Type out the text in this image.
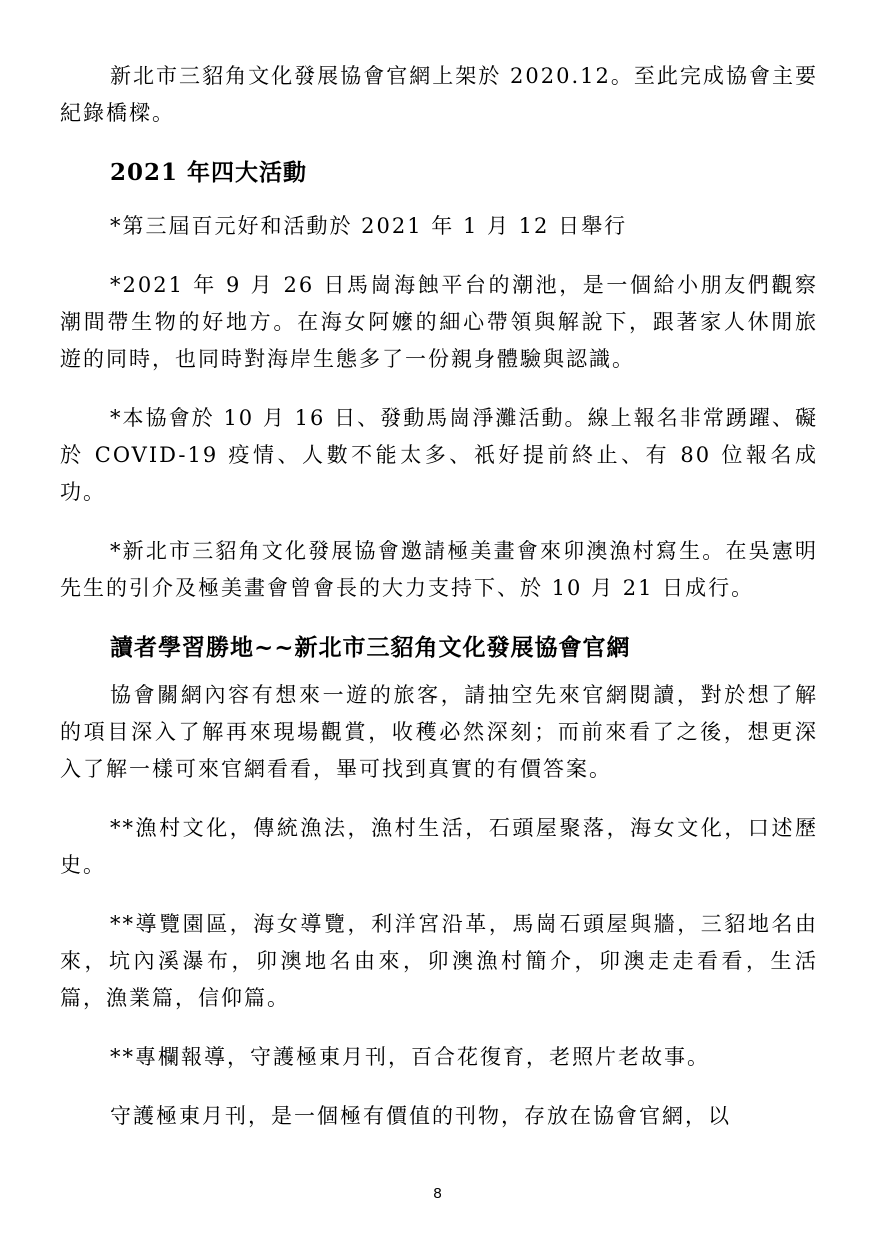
新北市三貂角文化發展協會官網上架於 2020.12。至此完成協會主要紀錄橋樑。

2021 年四大活動

*第三屆百元好和活動於 2021 年 1 月 12 日舉行

*2021 年 9 月 26 日馬崗海蝕平台的潮池，是一個給小朋友們觀察潮間帶生物的好地方。在海女阿嬤的細心帶領與解說下，跟著家人休閒旅遊的同時，也同時對海岸生態多了一份親身體驗與認識。

*本協會於 10 月 16 日、發動馬崗淨灘活動。線上報名非常踴躍、礙於 COVID-19 疫情、人數不能太多、祇好提前終止、有 80 位報名成功。

*新北市三貂角文化發展協會邀請極美畫會來卯澳漁村寫生。在吳憲明先生的引介及極美畫會曾會長的大力支持下、於 10 月 21 日成行。

讀者學習勝地~~新北市三貂角文化發展協會官網

協會關網內容有想來一遊的旅客，請抽空先來官網閱讀，對於想了解的項目深入了解再來現場觀賞，收穫必然深刻；而前來看了之後，想更深入了解一樣可來官網看看，畢可找到真實的有價答案。

**漁村文化，傳統漁法，漁村生活，石頭屋聚落，海女文化，口述歷史。

**導覽園區，海女導覽，利洋宮沿革，馬崗石頭屋與牆，三貂地名由來，坑內溪瀑布，卯澳地名由來，卯澳漁村簡介，卯澳走走看看，生活篇，漁業篇，信仰篇。

**專欄報導，守護極東月刊，百合花復育，老照片老故事。

守護極東月刊，是一個極有價值的刊物，存放在協會官網，以

8
